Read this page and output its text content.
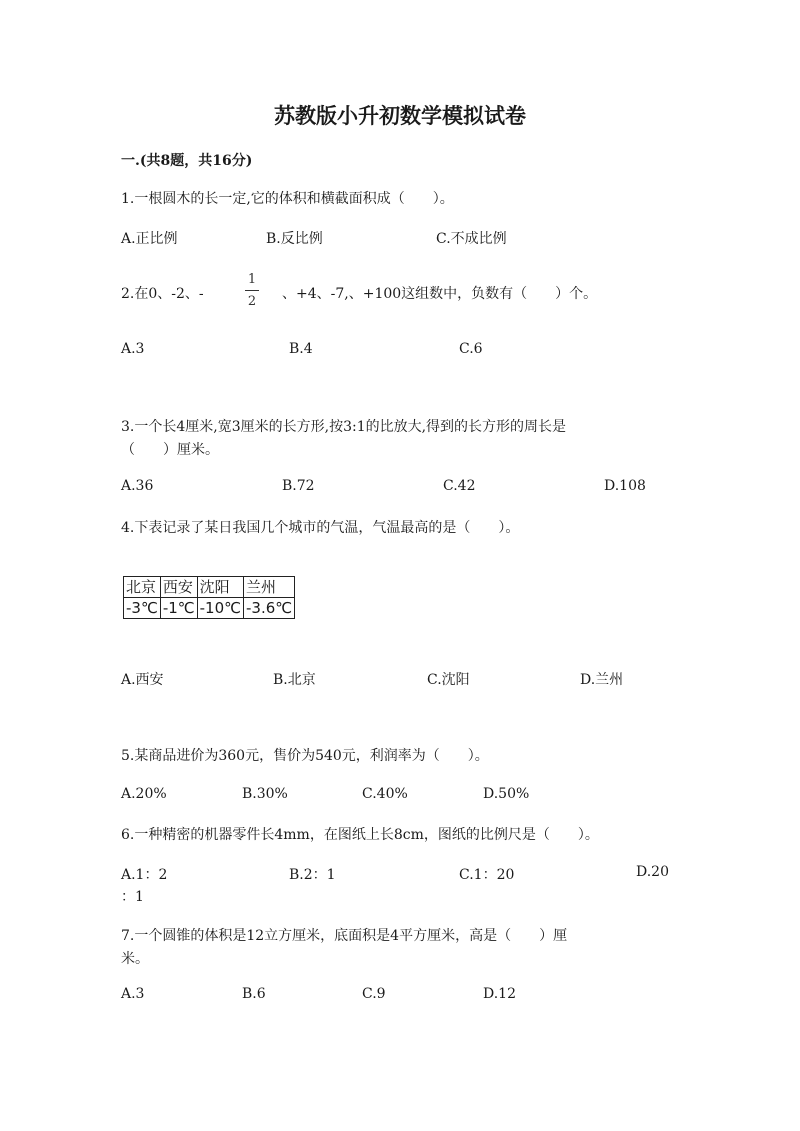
苏教版小升初数学模拟试卷
一.(共8题，共16分)
1.一根圆木的长一定,它的体积和横截面积成（　　）。
A.正比例	B.反比例	C.不成比例
2.在0、-2、-
1
2 、+4、-7,、+100这组数中，负数有（　　）个。
A.3	B.4	C.6
3.一个长4厘米,宽3厘米的长方形,按3:1的比放大,得到的长方形的周长是
（　　）厘米。
A.36	B.72	C.42	D.108
4.下表记录了某日我国几个城市的气温，气温最高的是（　　）。
北京	西安	沈阳	兰州
-3℃	-1℃	-10℃	-3.6℃
A.西安	B.北京	C.沈阳	D.兰州
5.某商品进价为360元，售价为540元，利润率为（　　）。
A.20%	B.30%	C.40%	D.50%
6.一种精密的机器零件长4mm，在图纸上长8cm，图纸的比例尺是（　　）。
A.1：2	B.2：1	C.1：20	D.20
：1
7.一个圆锥的体积是12立方厘米，底面积是4平方厘米，高是（　　）厘
米。
A.3	B.6	C.9	D.12
